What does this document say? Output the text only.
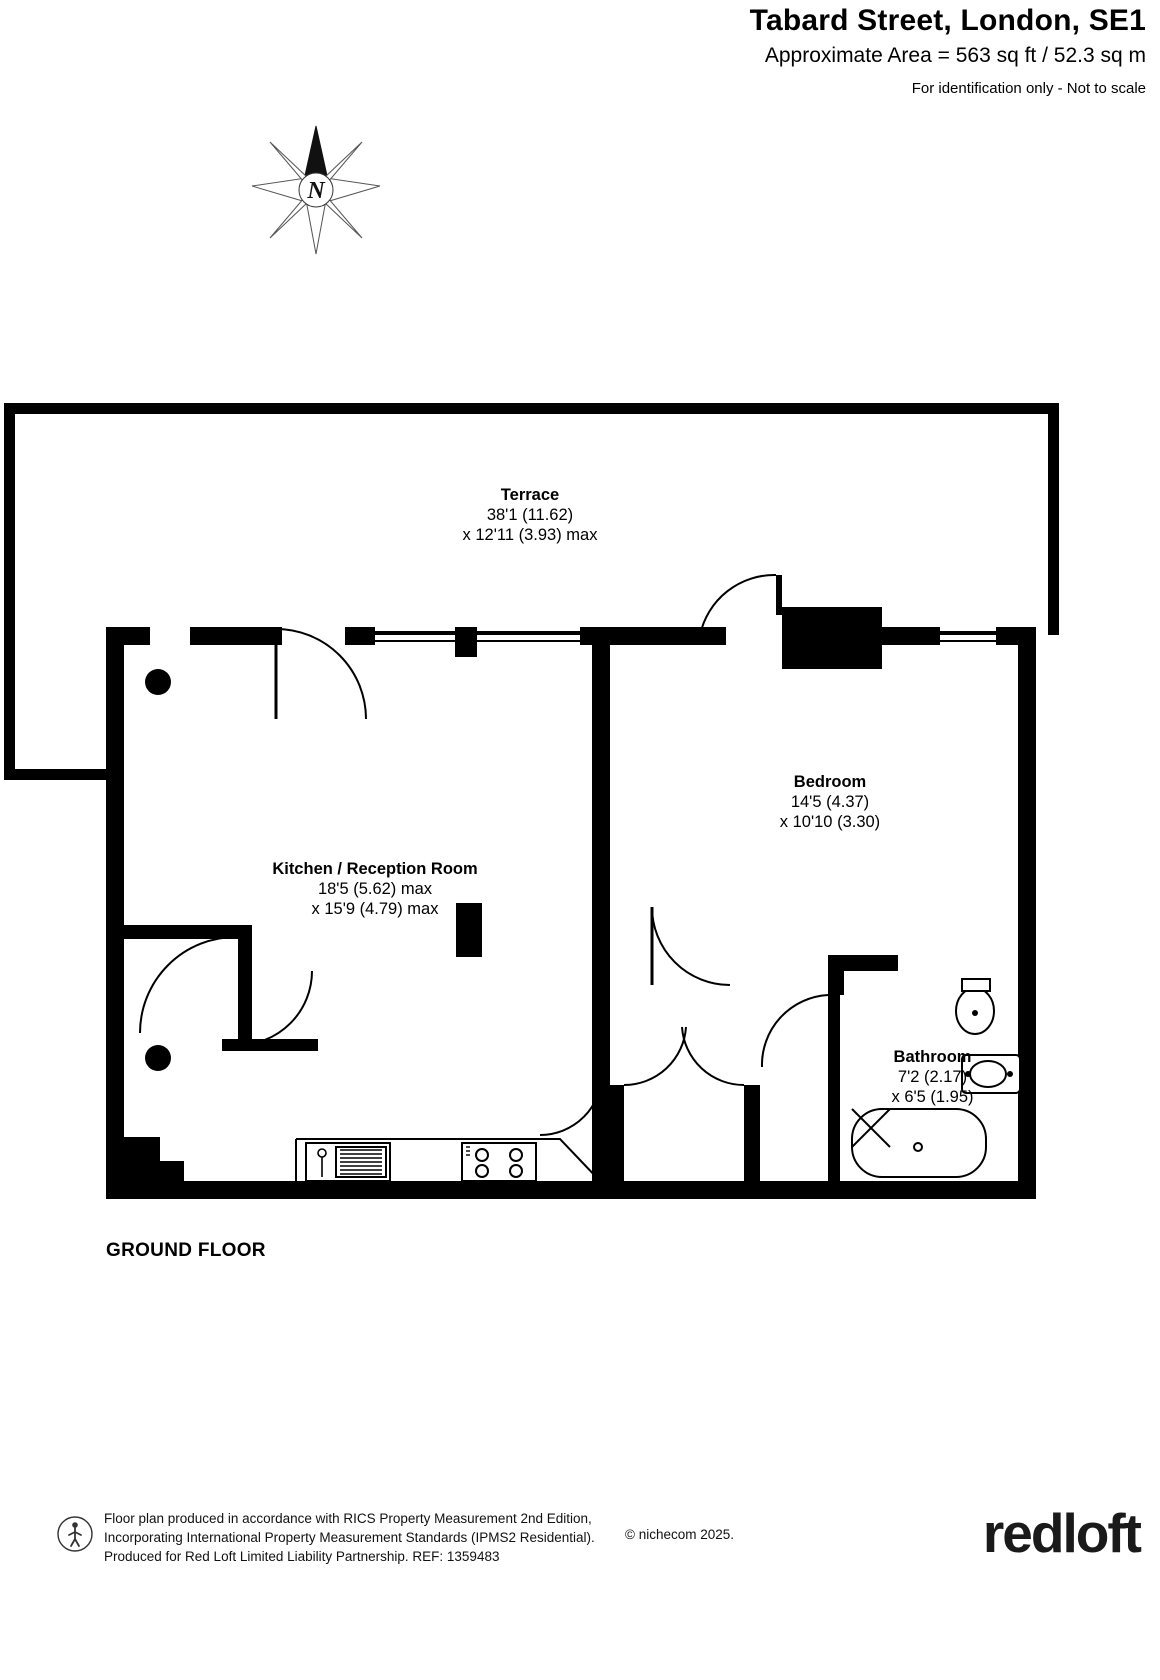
Tabard Street, London, SE1
Approximate Area = 563 sq ft / 52.3 sq m
For identification only - Not to scale
N
Terrace
38'1 (11.62)
x 12'11 (3.93) max
Bedroom
14'5 (4.37)
x 10'10 (3.30)
Kitchen / Reception Room
18'5 (5.62) max
x 15'9 (4.79) max
Bathroom
7'2 (2.17)
x 6'5 (1.95)
GROUND FLOOR
Floor plan produced in accordance with RICS Property Measurement 2nd Edition,
Incorporating International Property Measurement Standards (IPMS2 Residential).
Produced for Red Loft Limited Liability Partnership. REF: 1359483
© nichecom 2025.	redloft
